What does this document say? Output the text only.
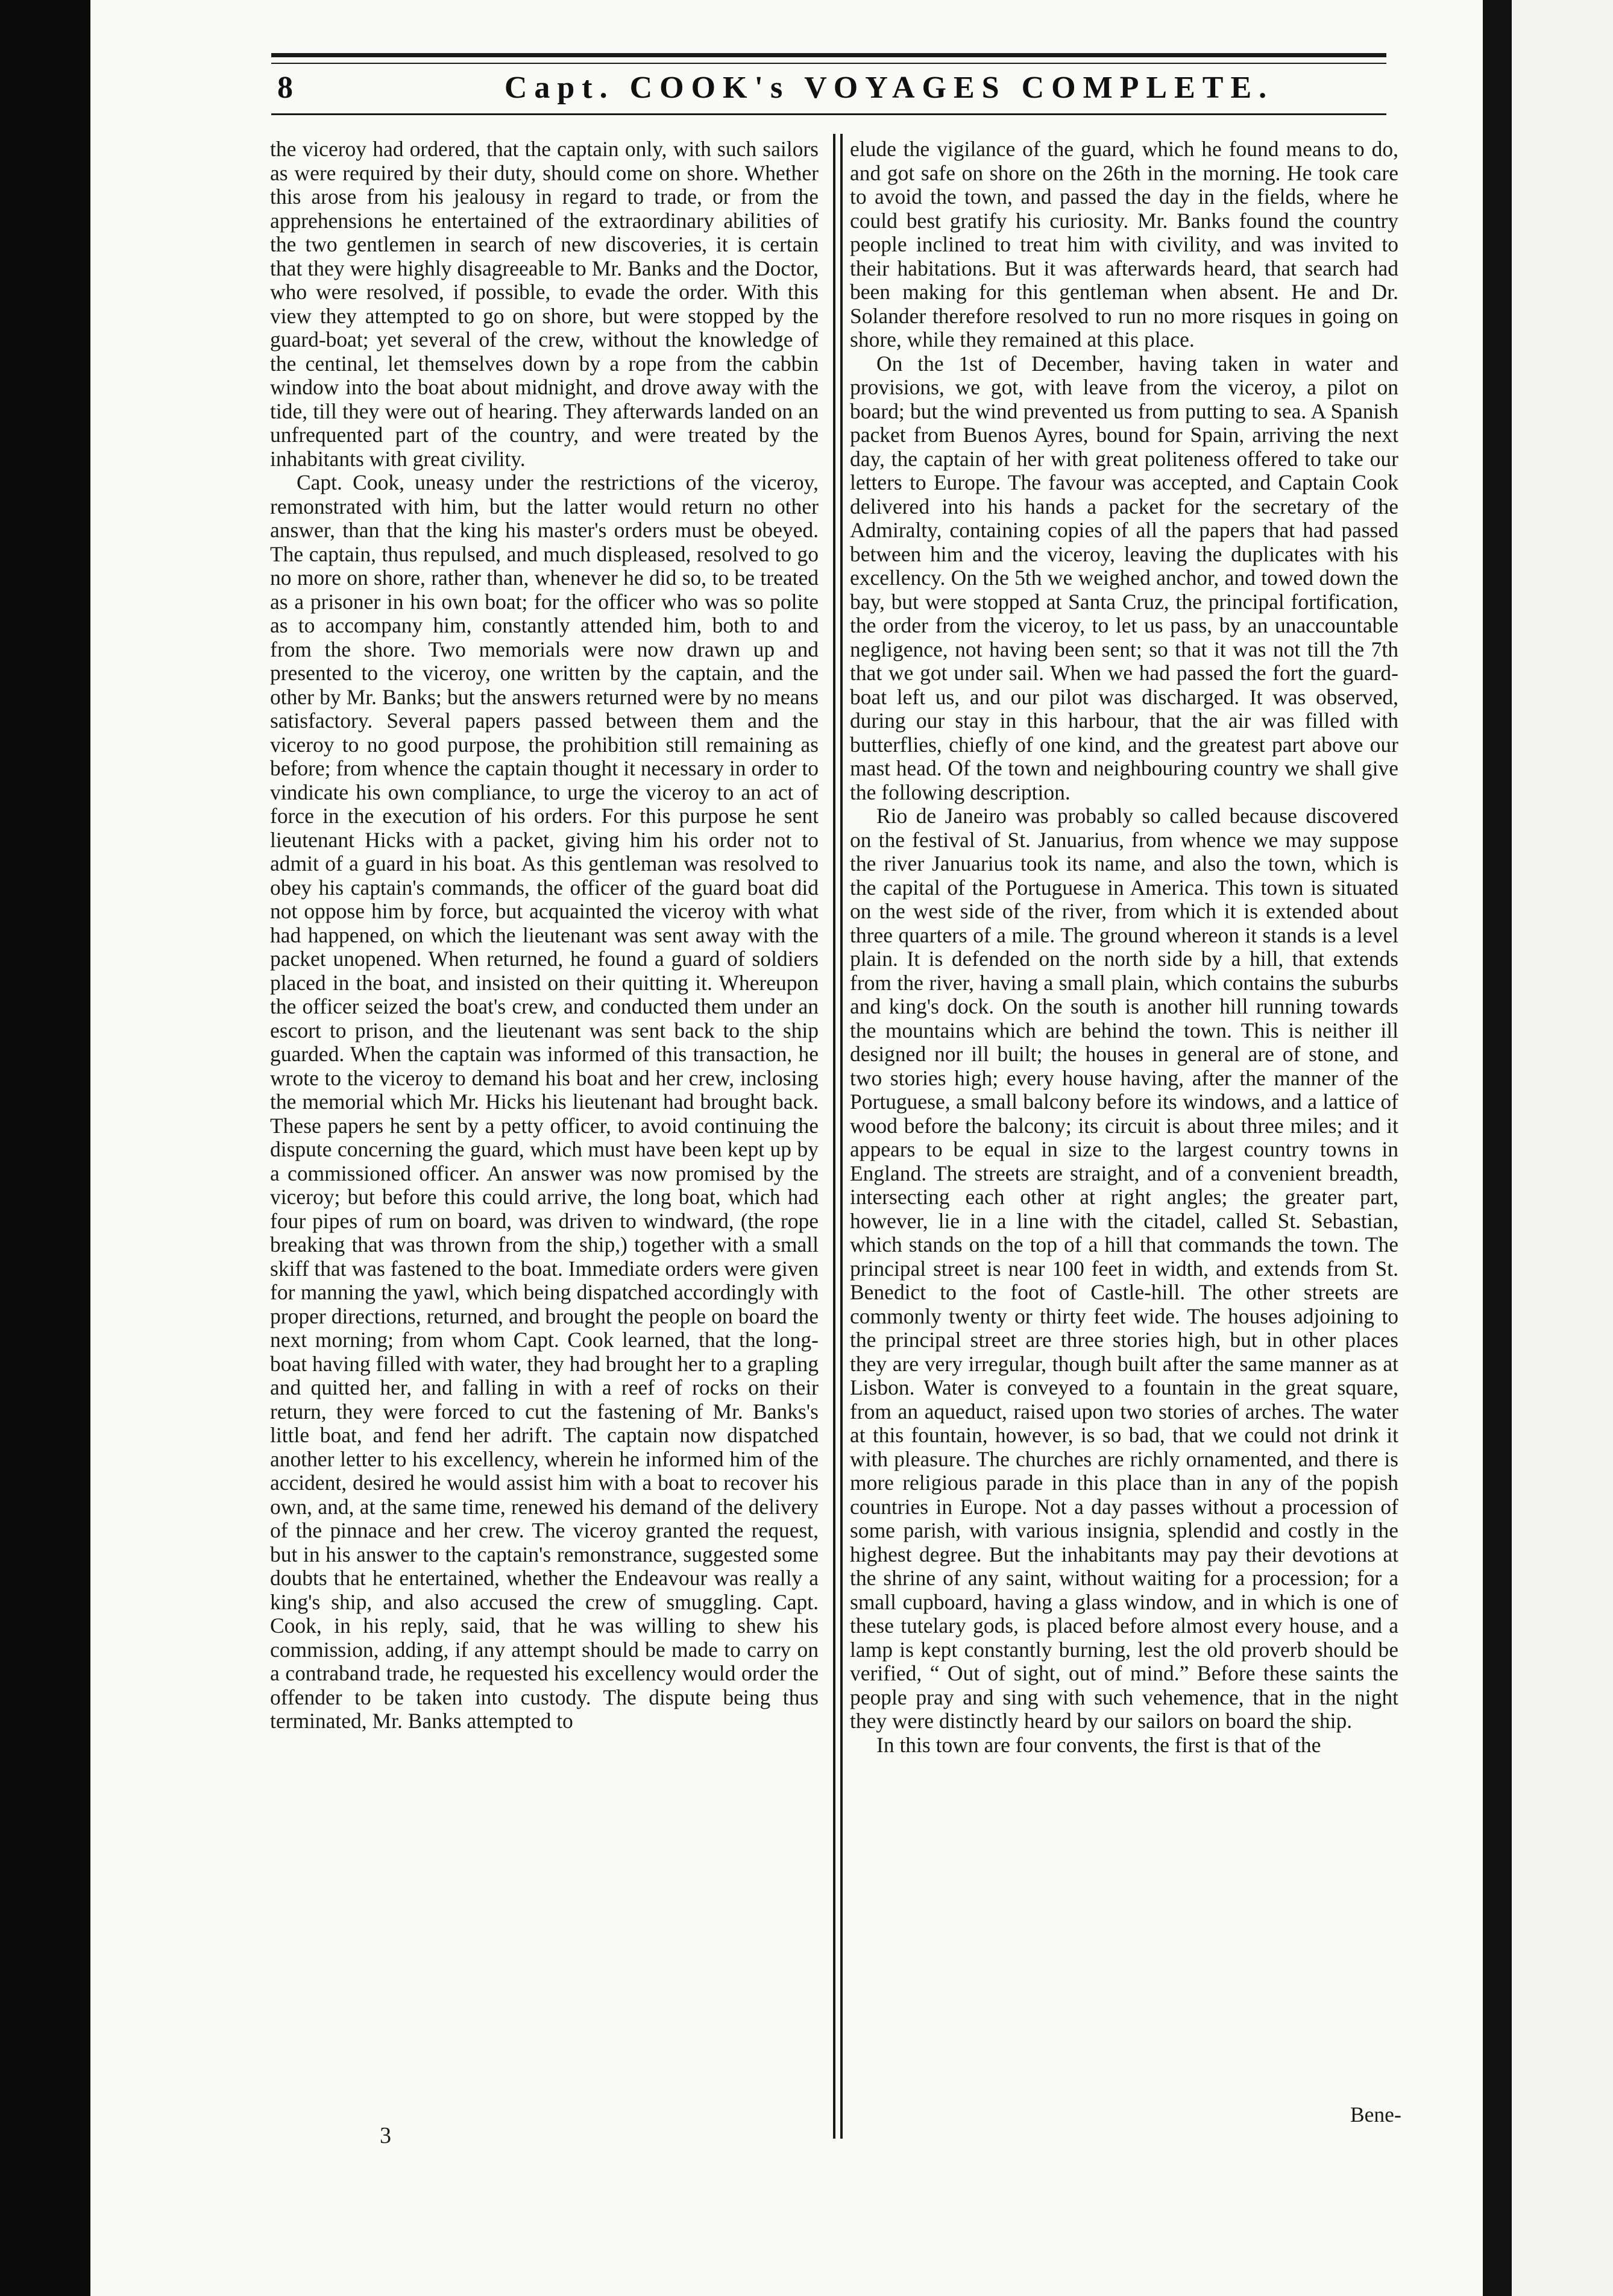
8	Capt. COOK's VOYAGES COMPLETE.

the viceroy had ordered, that the captain only, with such sailors as were required by their duty, should come on shore. Whether this arose from his jealousy in regard to trade, or from the apprehensions he entertained of the extraordinary abilities of the two gentlemen in search of new discoveries, it is certain that they were highly disagreeable to Mr. Banks and the Doctor, who were resolved, if possible, to evade the order. With this view they attempted to go on shore, but were stopped by the guard-boat; yet several of the crew, without the knowledge of the centinal, let themselves down by a rope from the cabbin window into the boat about midnight, and drove away with the tide, till they were out of hearing. They afterwards landed on an unfrequented part of the country, and were treated by the inhabitants with great civility.

Capt. Cook, uneasy under the restrictions of the viceroy, remonstrated with him, but the latter would return no other answer, than that the king his master's orders must be obeyed. The captain, thus repulsed, and much displeased, resolved to go no more on shore, rather than, whenever he did so, to be treated as a prisoner in his own boat; for the officer who was so polite as to accompany him, constantly attended him, both to and from the shore. Two memorials were now drawn up and presented to the viceroy, one written by the captain, and the other by Mr. Banks; but the answers returned were by no means satisfactory. Several papers passed between them and the viceroy to no good purpose, the prohibition still remaining as before; from whence the captain thought it necessary in order to vindicate his own compliance, to urge the viceroy to an act of force in the execution of his orders. For this purpose he sent lieutenant Hicks with a packet, giving him his order not to admit of a guard in his boat. As this gentleman was resolved to obey his captain's commands, the officer of the guard boat did not oppose him by force, but acquainted the viceroy with what had happened, on which the lieutenant was sent away with the packet unopened. When returned, he found a guard of soldiers placed in the boat, and insisted on their quitting it. Whereupon the officer seized the boat's crew, and conducted them under an escort to prison, and the lieutenant was sent back to the ship guarded. When the captain was informed of this transaction, he wrote to the viceroy to demand his boat and her crew, inclosing the memorial which Mr. Hicks his lieutenant had brought back. These papers he sent by a petty officer, to avoid continuing the dispute concerning the guard, which must have been kept up by a commissioned officer. An answer was now promised by the viceroy; but before this could arrive, the long boat, which had four pipes of rum on board, was driven to windward, (the rope breaking that was thrown from the ship,) together with a small skiff that was fastened to the boat. Immediate orders were given for manning the yawl, which being dispatched accordingly with proper directions, returned, and brought the people on board the next morning; from whom Capt. Cook learned, that the long-boat having filled with water, they had brought her to a grapling and quitted her, and falling in with a reef of rocks on their return, they were forced to cut the fastening of Mr. Banks's little boat, and fend her adrift. The captain now dispatched another letter to his excellency, wherein he informed him of the accident, desired he would assist him with a boat to recover his own, and, at the same time, renewed his demand of the delivery of the pinnace and her crew. The viceroy granted the request, but in his answer to the captain's remonstrance, suggested some doubts that he entertained, whether the Endeavour was really a king's ship, and also accused the crew of smuggling. Capt. Cook, in his reply, said, that he was willing to shew his commission, adding, if any attempt should be made to carry on a contraband trade, he requested his excellency would order the offender to be taken into custody. The dispute being thus terminated, Mr. Banks attempted to

elude the vigilance of the guard, which he found means to do, and got safe on shore on the 26th in the morning. He took care to avoid the town, and passed the day in the fields, where he could best gratify his curiosity. Mr. Banks found the country people inclined to treat him with civility, and was invited to their habitations. But it was afterwards heard, that search had been making for this gentleman when absent. He and Dr. Solander therefore resolved to run no more risques in going on shore, while they remained at this place.

On the 1st of December, having taken in water and provisions, we got, with leave from the viceroy, a pilot on board; but the wind prevented us from putting to sea. A Spanish packet from Buenos Ayres, bound for Spain, arriving the next day, the captain of her with great politeness offered to take our letters to Europe. The favour was accepted, and Captain Cook delivered into his hands a packet for the secretary of the Admiralty, containing copies of all the papers that had passed between him and the viceroy, leaving the duplicates with his excellency. On the 5th we weighed anchor, and towed down the bay, but were stopped at Santa Cruz, the principal fortification, the order from the viceroy, to let us pass, by an unaccountable negligence, not having been sent; so that it was not till the 7th that we got under sail. When we had passed the fort the guard-boat left us, and our pilot was discharged. It was observed, during our stay in this harbour, that the air was filled with butterflies, chiefly of one kind, and the greatest part above our mast head. Of the town and neighbouring country we shall give the following description.

Rio de Janeiro was probably so called because discovered on the festival of St. Januarius, from whence we may suppose the river Januarius took its name, and also the town, which is the capital of the Portuguese in America. This town is situated on the west side of the river, from which it is extended about three quarters of a mile. The ground whereon it stands is a level plain. It is defended on the north side by a hill, that extends from the river, having a small plain, which contains the suburbs and king's dock. On the south is another hill running towards the mountains which are behind the town. This is neither ill designed nor ill built; the houses in general are of stone, and two stories high; every house having, after the manner of the Portuguese, a small balcony before its windows, and a lattice of wood before the balcony; its circuit is about three miles; and it appears to be equal in size to the largest country towns in England. The streets are straight, and of a convenient breadth, intersecting each other at right angles; the greater part, however, lie in a line with the citadel, called St. Sebastian, which stands on the top of a hill that commands the town. The principal street is near 100 feet in width, and extends from St. Benedict to the foot of Castle-hill. The other streets are commonly twenty or thirty feet wide. The houses adjoining to the principal street are three stories high, but in other places they are very irregular, though built after the same manner as at Lisbon. Water is conveyed to a fountain in the great square, from an aqueduct, raised upon two stories of arches. The water at this fountain, however, is so bad, that we could not drink it with pleasure. The churches are richly ornamented, and there is more religious parade in this place than in any of the popish countries in Europe. Not a day passes without a procession of some parish, with various insignia, splendid and costly in the highest degree. But the inhabitants may pay their devotions at the shrine of any saint, without waiting for a procession; for a small cupboard, having a glass window, and in which is one of these tutelary gods, is placed before almost every house, and a lamp is kept constantly burning, lest the old proverb should be verified, “ Out of sight, out of mind.” Before these saints the people pray and sing with such vehemence, that in the night they were distinctly heard by our sailors on board the ship.

In this town are four convents, the first is that of the

3
Bene-
